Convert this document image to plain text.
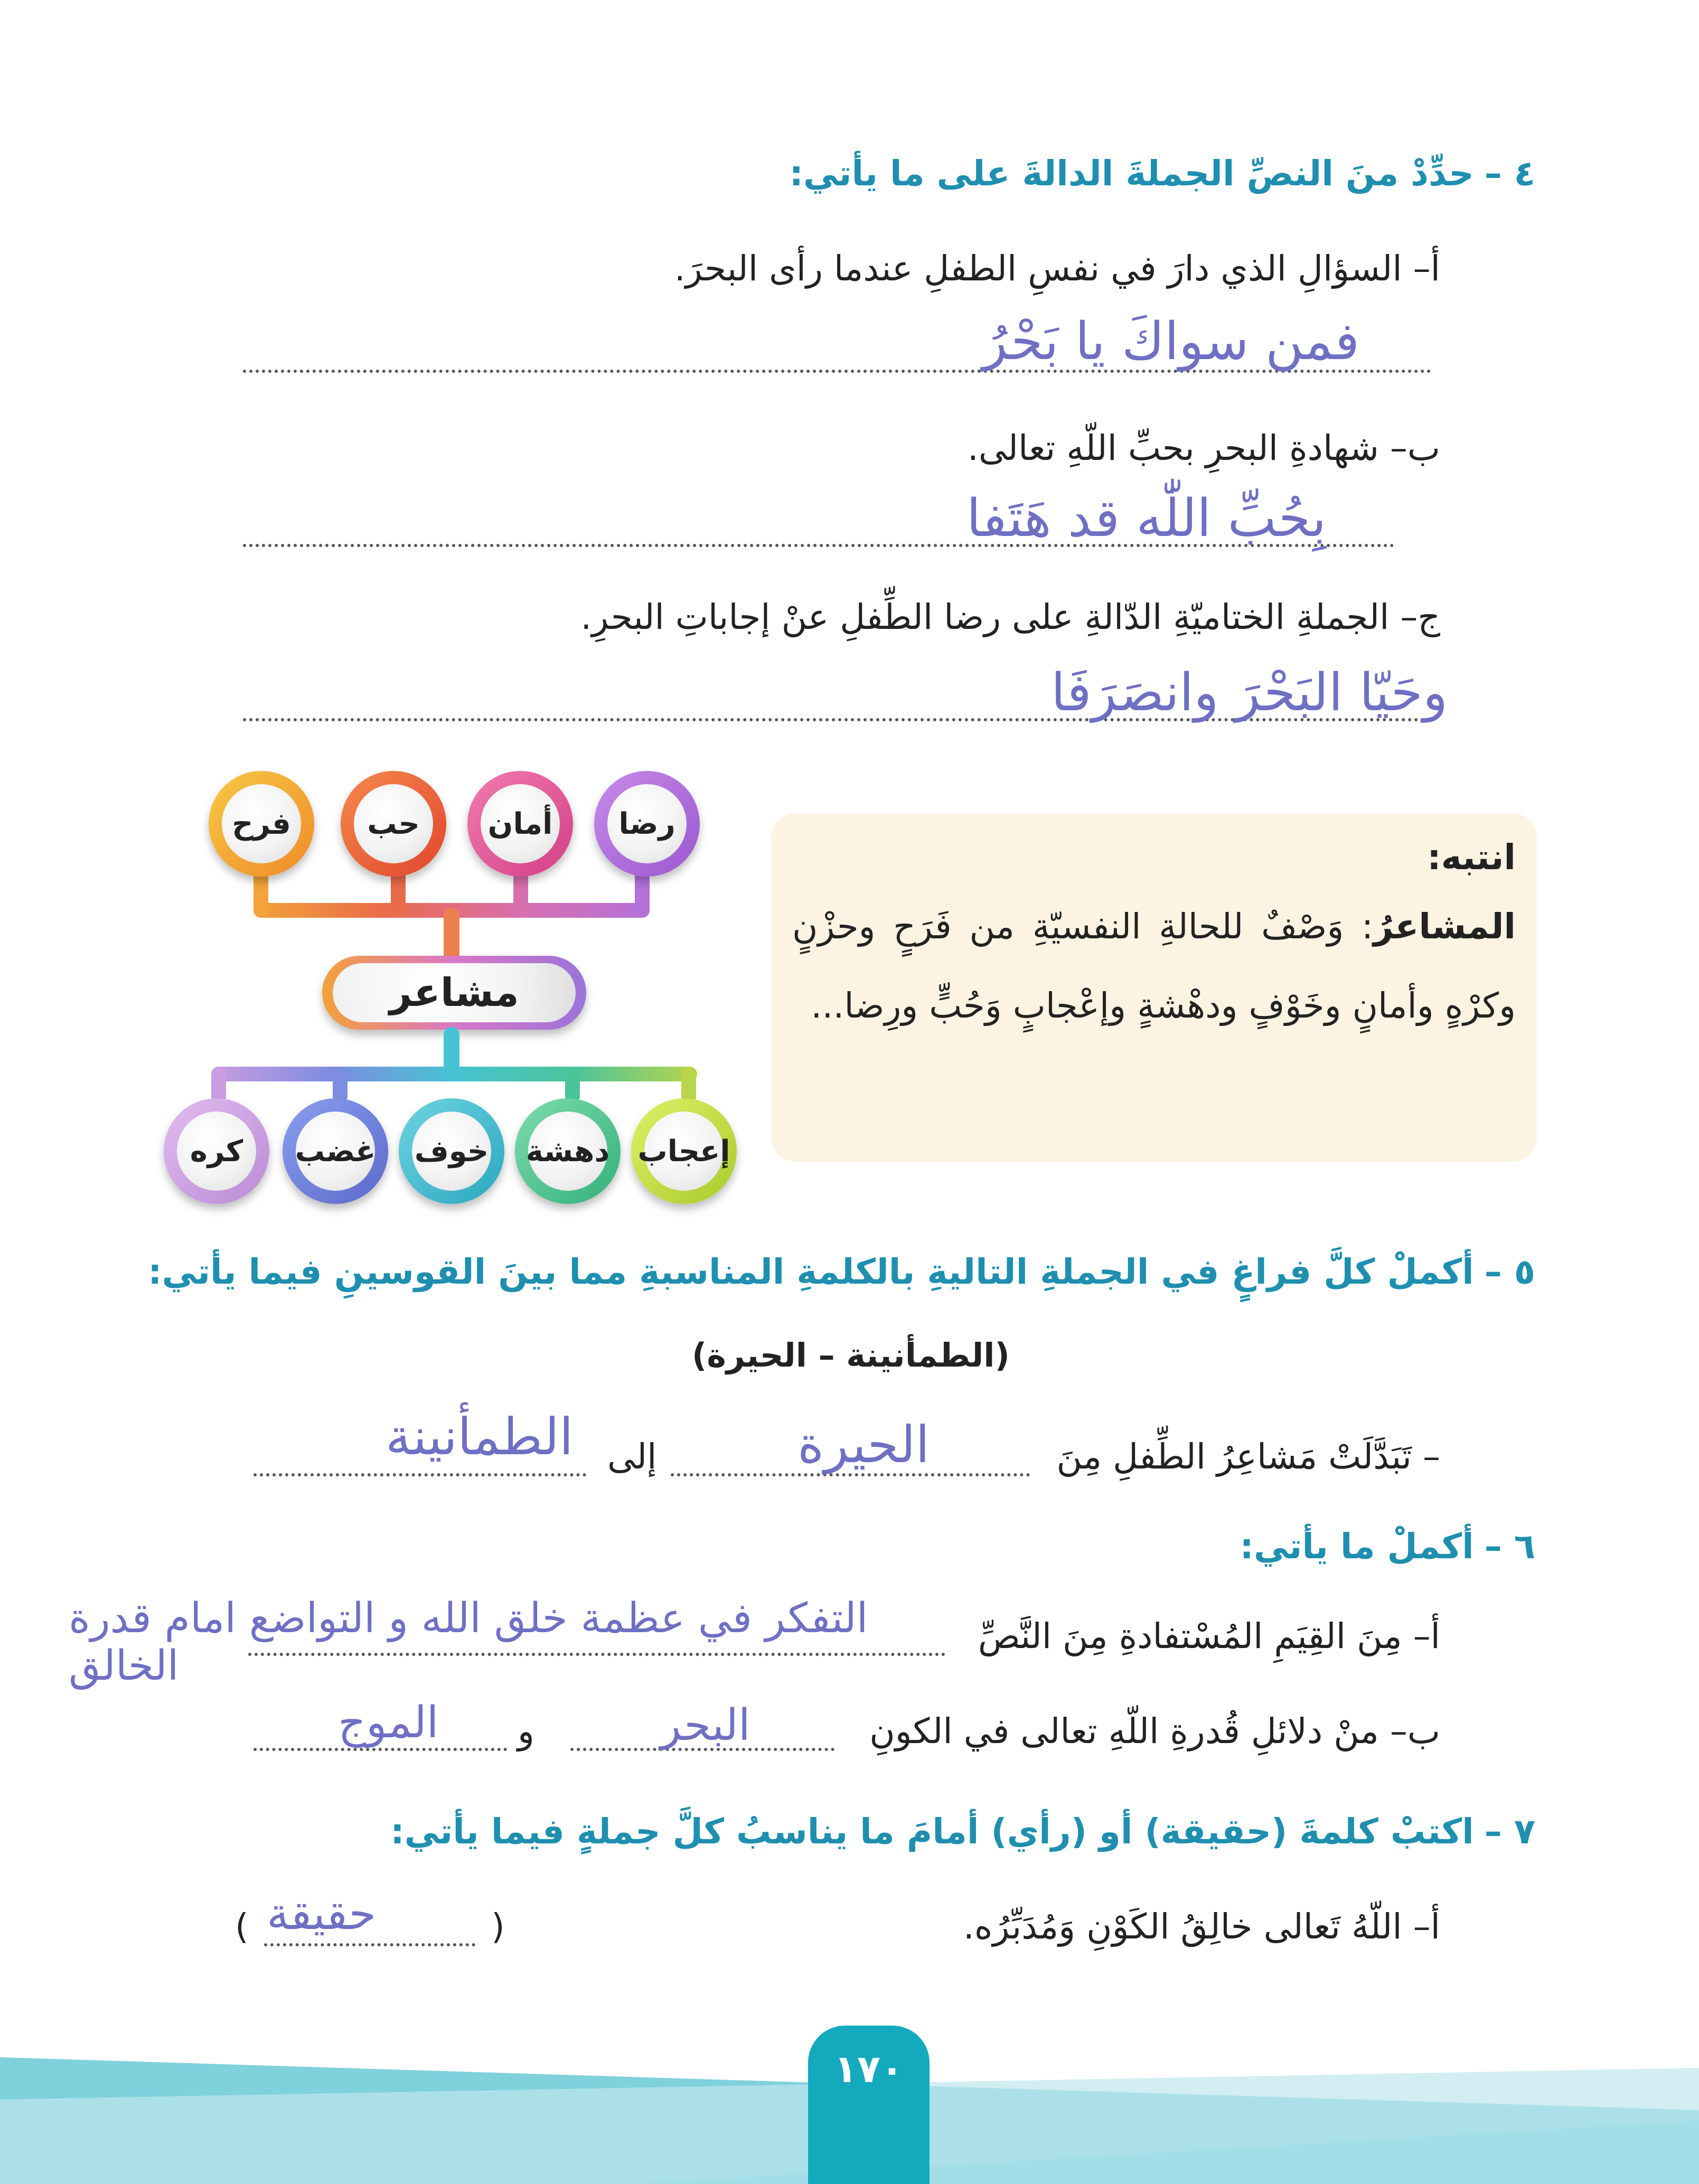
٤ –حدِّدْ منَ النصِّ الجملةَ الدالةَ على ما يأتي:
أ– السؤالِ الذي دارَ في نفسِ الطفلِ عندما رأى البحرَ.
فمن سواكَ يا بَحْرُ
ب– شهادةِ البحرِ بحبِّ اللّهِ تعالى.
بِحُبِّ اللّٰه قد هَتَفا
ج– الجملةِ الختاميّةِ الدّالةِ على رضا الطِّفلِ عنْ إجاباتِ البحرِ.
وحَيّا البَحْرَ وانصَرَفَا
فرح	حب	أمان	رضا
مشاعر
كره	غضب خوف دهشة إعجاب
انتبه:
المشاعرُ: وَصْفٌ للحالةِ النفسيّةِ من فَرَحٍ وحزْنٍ وكرْهٍ وأمانٍ وخَوْفٍ ودهْشةٍ وإعْجابٍ وَحُبٍّ ورِضا...
٥ –أكملْ كلَّ فراغٍ في الجملةِ التاليةِ بالكلمةِ المناسبةِ مما بينَ القوسينِ فيما يأتي:
(الطمأنينة – الحيرة)
– تَبَدَّلَتْ مَشاعِرُ الطِّفلِ مِنَ
الحيرة
إلى
الطمأنينة
٦ –أكملْ ما يأتي:
أ– مِنَ القِيَمِ المُسْتفادةِ مِنَ النَّصِّ
التفكر في عظمة خلق الله و التواضع امام قدرة
الخالق
ب– منْ دلائلِ قُدرةِ اللّهِ تعالى في الكونِ
البحر
و
الموج
٧ –اكتبْ كلمةَ (حقيقة) أو (رأي) أمامَ ما يناسبُ كلَّ جملةٍ فيما يأتي:
أ– اللّهُ تَعالى خالِقُ الكَوْنِ وَمُدَبِّرُه.
(
حقيقة
)
١٧٠
